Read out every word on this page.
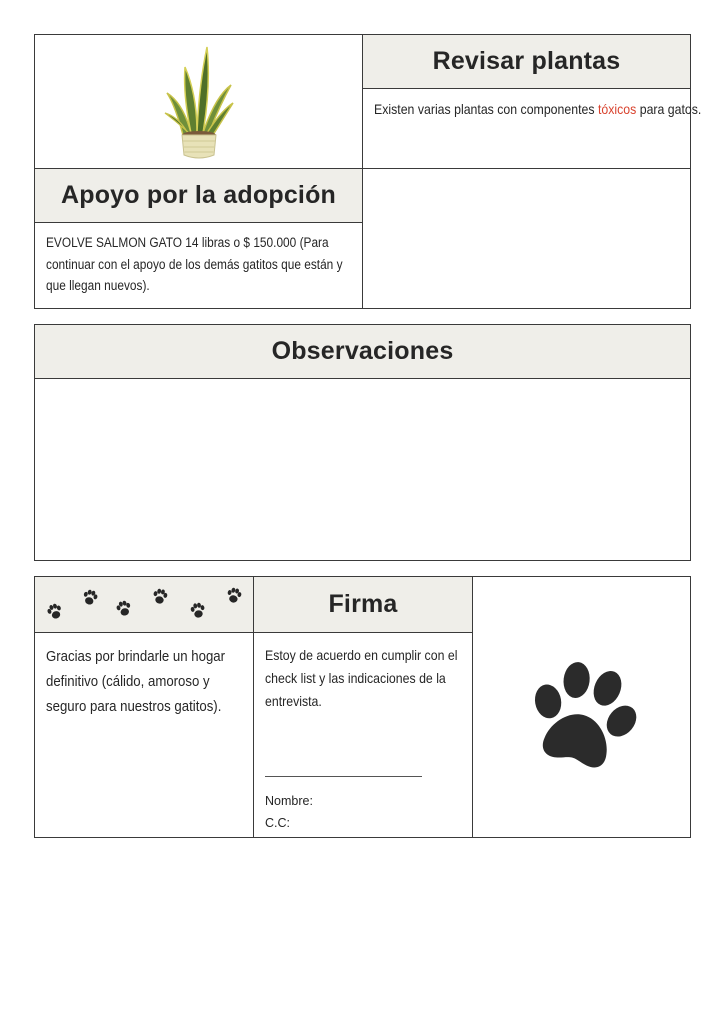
Revisar plantas
Existen varias plantas con componentes tóxicos para gatos.
Apoyo por la adopción
EVOLVE SALMON GATO 14 libras o $ 150.000 (Para continuar con el apoyo de los demás gatitos que están y que llegan nuevos).
Observaciones
Gracias por brindarle un hogar definitivo (cálido, amoroso y seguro para nuestros gatitos).
Firma
Estoy de acuerdo en cumplir con el check list y las indicaciones de la entrevista.
Nombre:
C.C:
